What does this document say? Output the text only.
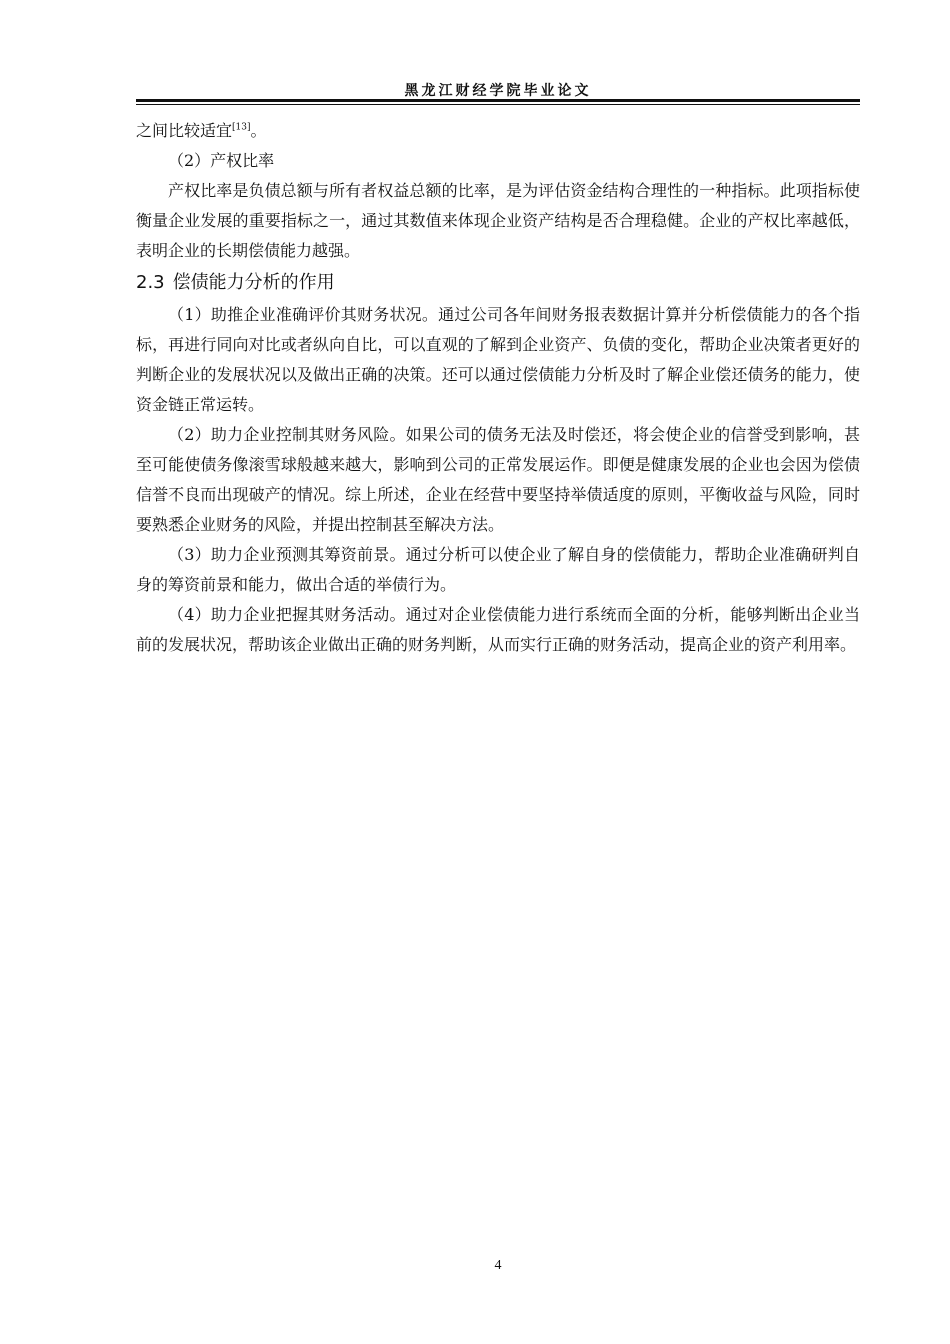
黑龙江财经学院毕业论文

之间比较适宜[13]。

（2）产权比率

产权比率是负债总额与所有者权益总额的比率，是为评估资金结构合理性的一种指标。此项指标使衡量企业发展的重要指标之一，通过其数值来体现企业资产结构是否合理稳健。企业的产权比率越低，表明企业的长期偿债能力越强。

2.3 偿债能力分析的作用

（1）助推企业准确评价其财务状况。通过公司各年间财务报表数据计算并分析偿债能力的各个指标，再进行同向对比或者纵向自比，可以直观的了解到企业资产、负债的变化，帮助企业决策者更好的判断企业的发展状况以及做出正确的决策。还可以通过偿债能力分析及时了解企业偿还债务的能力，使资金链正常运转。

（2）助力企业控制其财务风险。如果公司的债务无法及时偿还，将会使企业的信誉受到影响，甚至可能使债务像滚雪球般越来越大，影响到公司的正常发展运作。即便是健康发展的企业也会因为偿债信誉不良而出现破产的情况。综上所述，企业在经营中要坚持举债适度的原则，平衡收益与风险，同时要熟悉企业财务的风险，并提出控制甚至解决方法。

（3）助力企业预测其筹资前景。通过分析可以使企业了解自身的偿债能力，帮助企业准确研判自身的筹资前景和能力，做出合适的举债行为。

（4）助力企业把握其财务活动。通过对企业偿债能力进行系统而全面的分析，能够判断出企业当前的发展状况，帮助该企业做出正确的财务判断，从而实行正确的财务活动，提高企业的资产利用率。

4
